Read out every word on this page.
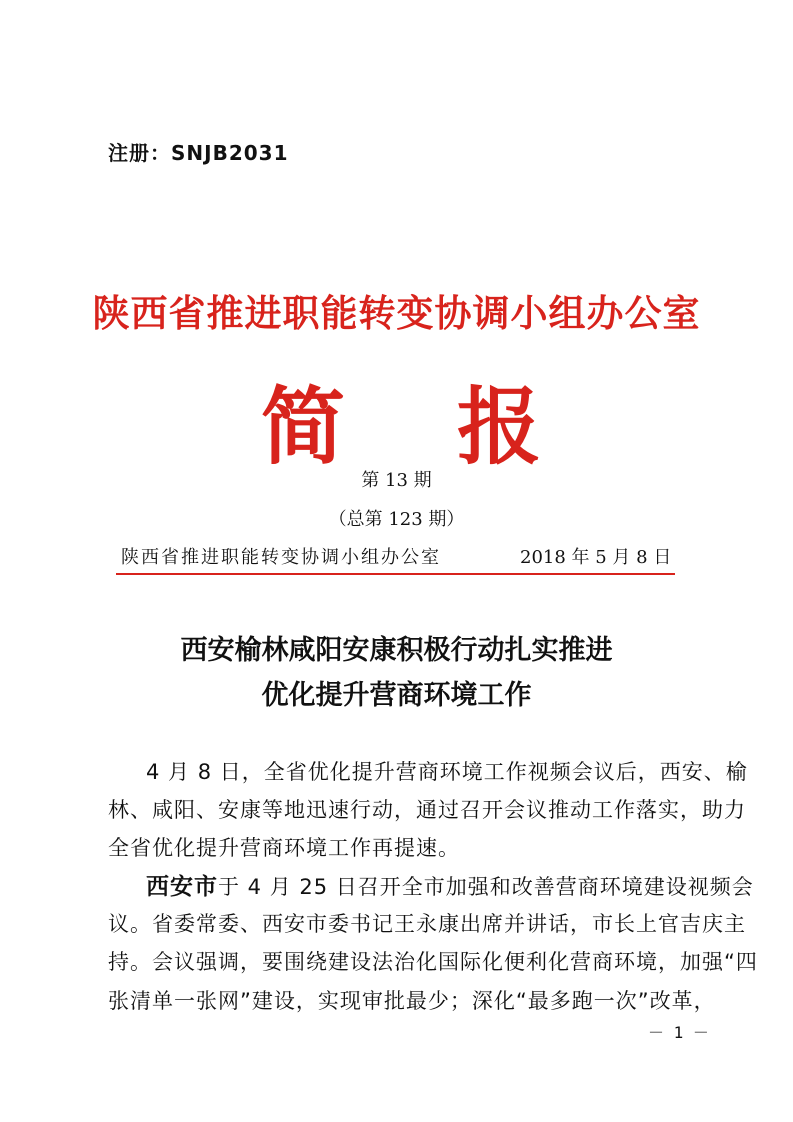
注册：SNJB2031
陕西省推进职能转变协调小组办公室
简 报
第 13 期
（总第 123 期）
陕西省推进职能转变协调小组办公室	2018 年 5 月 8 日
西安榆林咸阳安康积极行动扎实推进
优化提升营商环境工作
4 月 8 日，全省优化提升营商环境工作视频会议后，西安、榆
林、咸阳、安康等地迅速行动，通过召开会议推动工作落实，助力
全省优化提升营商环境工作再提速。
西安市于 4 月 25 日召开全市加强和改善营商环境建设视频会
议。省委常委、西安市委书记王永康出席并讲话，市长上官吉庆主
持。会议强调，要围绕建设法治化国际化便利化营商环境，加强“四
张清单一张网”建设，实现审批最少；深化“最多跑一次”改革，
－ 1 －
